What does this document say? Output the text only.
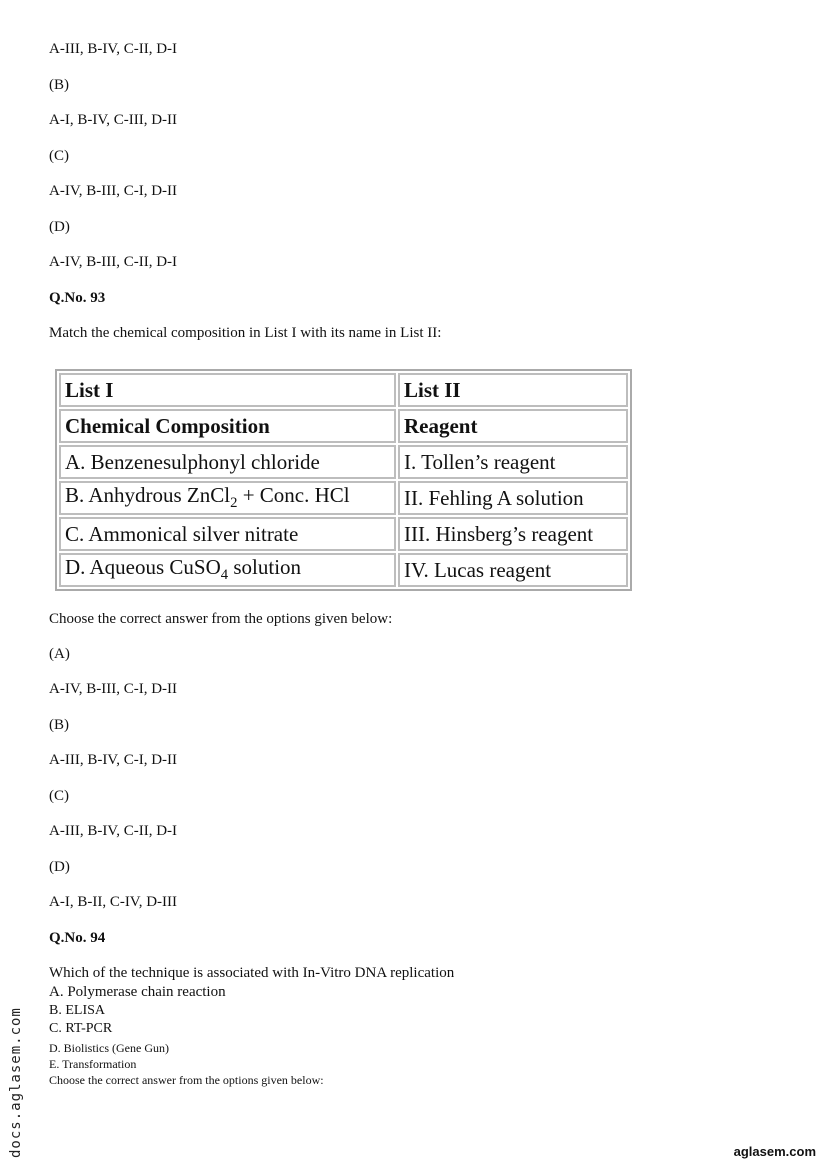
A-III, B-IV, C-II, D-I
(B)
A-I, B-IV, C-III, D-II
(C)
A-IV, B-III, C-I, D-II
(D)
A-IV, B-III, C-II, D-I
Q.No. 93
Match the chemical composition in List I with its name in List II:
List I	List II
Chemical Composition	Reagent
A. Benzenesulphonyl chloride	I. Tollen’s reagent
B. Anhydrous ZnCl$_2$ + Conc. HCl	II. Fehling A solution
C. Ammonical silver nitrate	III. Hinsberg’s reagent
D. Aqueous CuSO$_4$ solution	IV. Lucas reagent
Choose the correct answer from the options given below:
(A)
A-IV, B-III, C-I, D-II
(B)
A-III, B-IV, C-I, D-II
(C)
A-III, B-IV, C-II, D-I
(D)
A-I, B-II, C-IV, D-III
Q.No. 94
Which of the technique is associated with In-Vitro DNA replication
A. Polymerase chain reaction
B. ELISA
C. RT-PCR
D. Biolistics (Gene Gun)
E. Transformation
Choose the correct answer from the options given below:
docs.aglasem.com	aglasem.com
